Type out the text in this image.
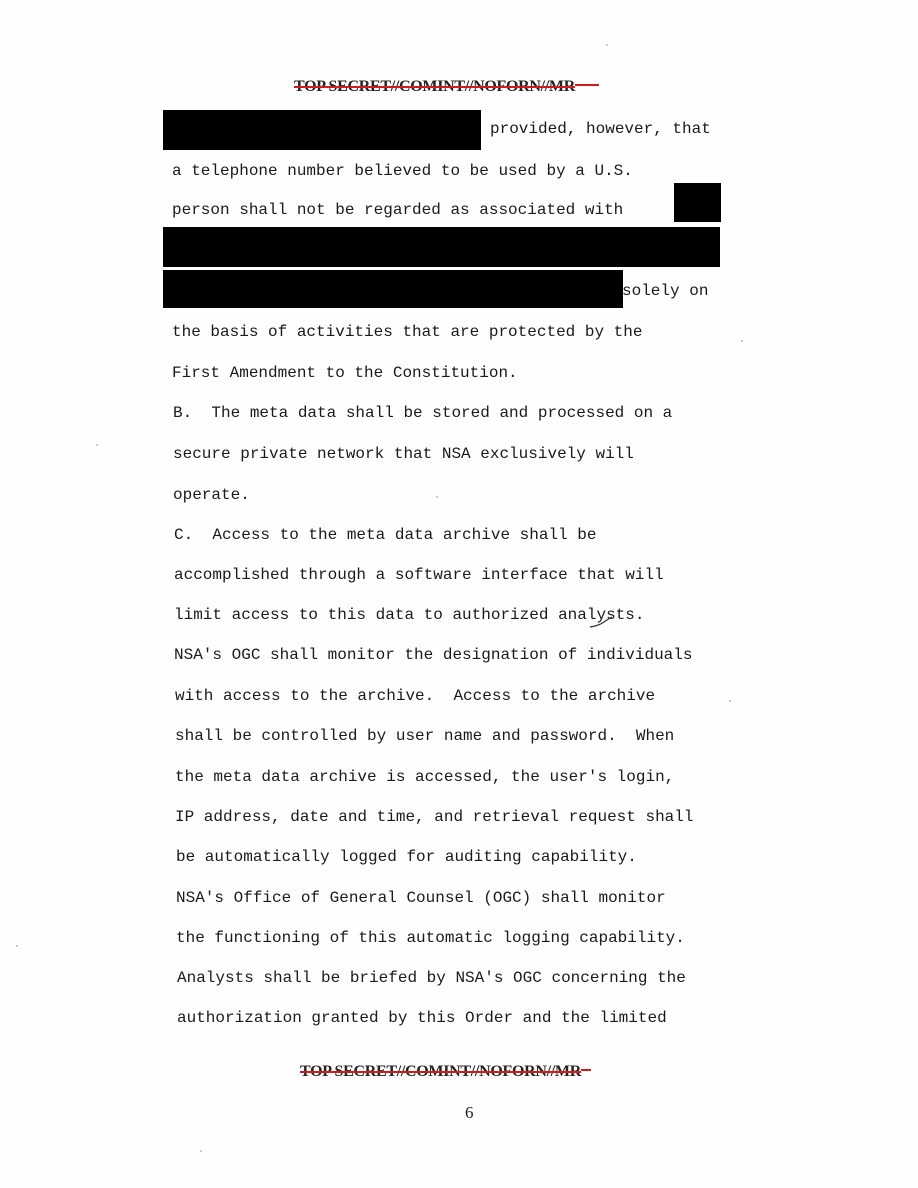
TOP SECRET//COMINT//NOFORN//MR
provided, however, that
a telephone number believed to be used by a U.S.
person shall not be regarded as associated with
solely on
the basis of activities that are protected by the
First Amendment to the Constitution.
B.  The meta data shall be stored and processed on a
secure private network that NSA exclusively will
operate.
C.  Access to the meta data archive shall be
accomplished through a software interface that will
limit access to this data to authorized analysts.
NSA's OGC shall monitor the designation of individuals
with access to the archive.  Access to the archive
shall be controlled by user name and password.  When
the meta data archive is accessed, the user's login,
IP address, date and time, and retrieval request shall
be automatically logged for auditing capability.
NSA's Office of General Counsel (OGC) shall monitor
the functioning of this automatic logging capability.
Analysts shall be briefed by NSA's OGC concerning the
authorization granted by this Order and the limited
TOP SECRET//COMINT//NOFORN//MR
6
